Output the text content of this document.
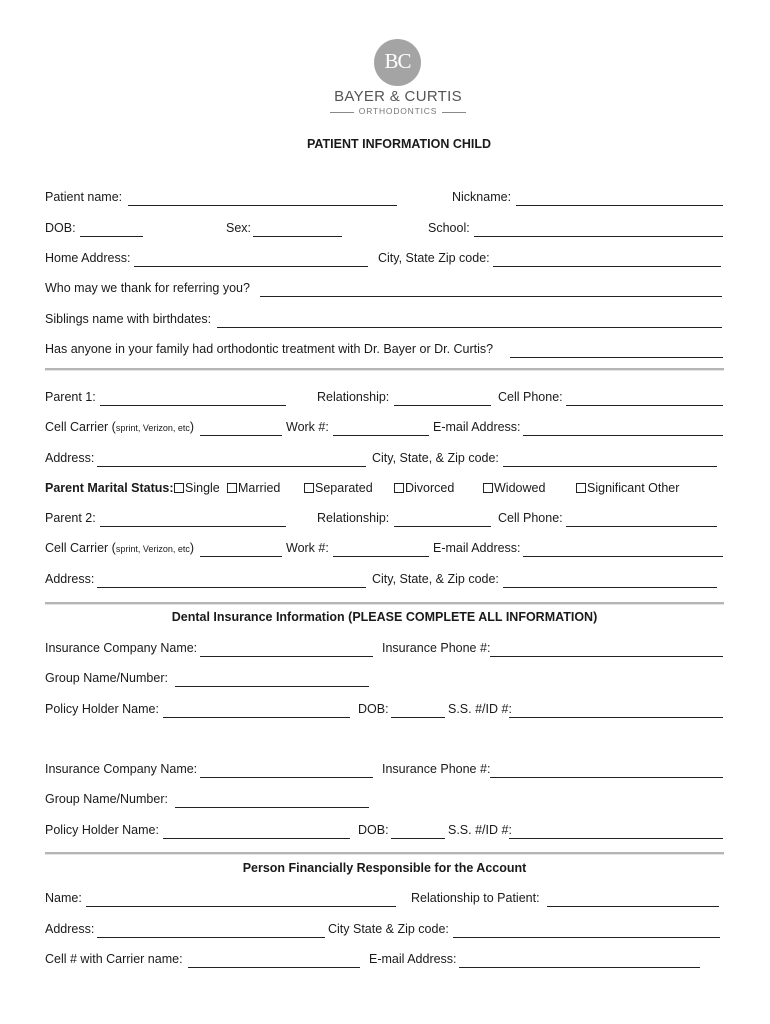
BC
BAYER & CURTIS
ORTHODONTICS
PATIENT INFORMATION CHILD
Patient name:	Nickname:
DOB:	Sex:	School:
Home Address:	City, State Zip code:
Who may we thank for referring you?
Siblings name with birthdates:
Has anyone in your family had orthodontic treatment with Dr. Bayer or Dr. Curtis?
Parent 1:	Relationship:	Cell Phone:
Cell Carrier (sprint, Verizon, etc)	Work #:	E-mail Address:
Address:	City, State, & Zip code:
Parent Marital Status: Single	Married	Separated	Divorced	Widowed	Significant Other
Parent 2:	Relationship:	Cell Phone:
Cell Carrier (sprint, Verizon, etc)	Work #:	E-mail Address:
Address:	City, State, & Zip code:
Dental Insurance Information (PLEASE COMPLETE ALL INFORMATION)
Insurance Company Name:	Insurance Phone #:
Group Name/Number:
Policy Holder Name:	DOB:	S.S. #/ID #:
Insurance Company Name:	Insurance Phone #:
Group Name/Number:
Policy Holder Name:	DOB:	S.S. #/ID #:
Person Financially Responsible for the Account
Name:	Relationship to Patient:
Address:	City State & Zip code:
Cell # with Carrier name:	E-mail Address:
